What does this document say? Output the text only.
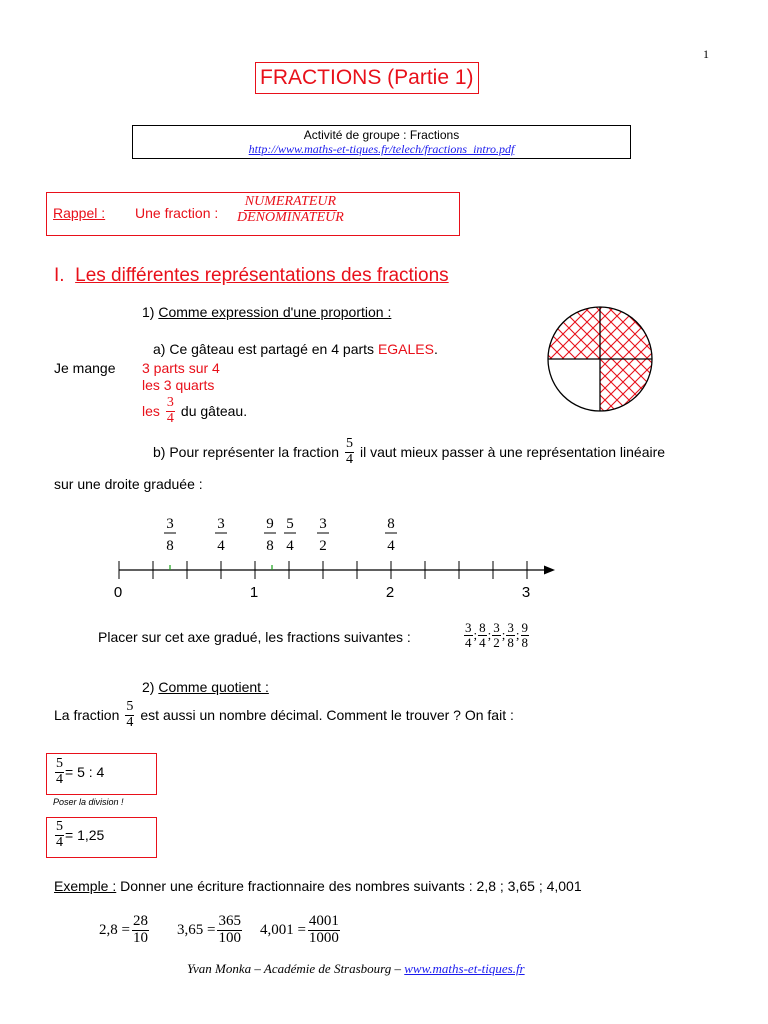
1
FRACTIONS (Partie 1)
Activité de groupe : Fractions
http://www.maths-et-tiques.fr/telech/fractions_intro.pdf
Rappel : Une fraction :
NUMERATEUR
DENOMINATEUR
I. Les différentes représentations des fractions
1) Comme expression d'une proportion :
a) Ce gâteau est partagé en 4 parts EGALES.
Je mange 3 parts sur 4
les 3 quarts
les $\frac{3}{4}$ du gâteau.
b) Pour représenter la fraction $\frac{5}{4}$ il vaut mieux passer à une représentation linéaire
sur une droite graduée :
0	1	2	3
3
8
3
4
9
8
5
4
3
2
8
4
Placer sur cet axe gradué, les fractions suivantes :	$\frac{3}{4}$ ; $\frac{8}{4}$ ; $\frac{3}{2}$ ; $\frac{3}{8}$ ; $\frac{9}{8}$
2) Comme quotient :
La fraction $\frac{5}{4}$ est aussi un nombre décimal. Comment le trouver ? On fait :
$\frac{5}{4} = 5$ : 4
Poser la division !
$\frac{5}{4} = 1,25$
Exemple : Donner une écriture fractionnaire des nombres suivants : 2,8 ; 3,65 ; 4,001
$2,8 = \frac{28}{10} 3,65 = \frac{365}{100} 4,001 = \frac{4001}{1000}$
Yvan Monka – Académie de Strasbourg – www.maths-et-tiques.fr
